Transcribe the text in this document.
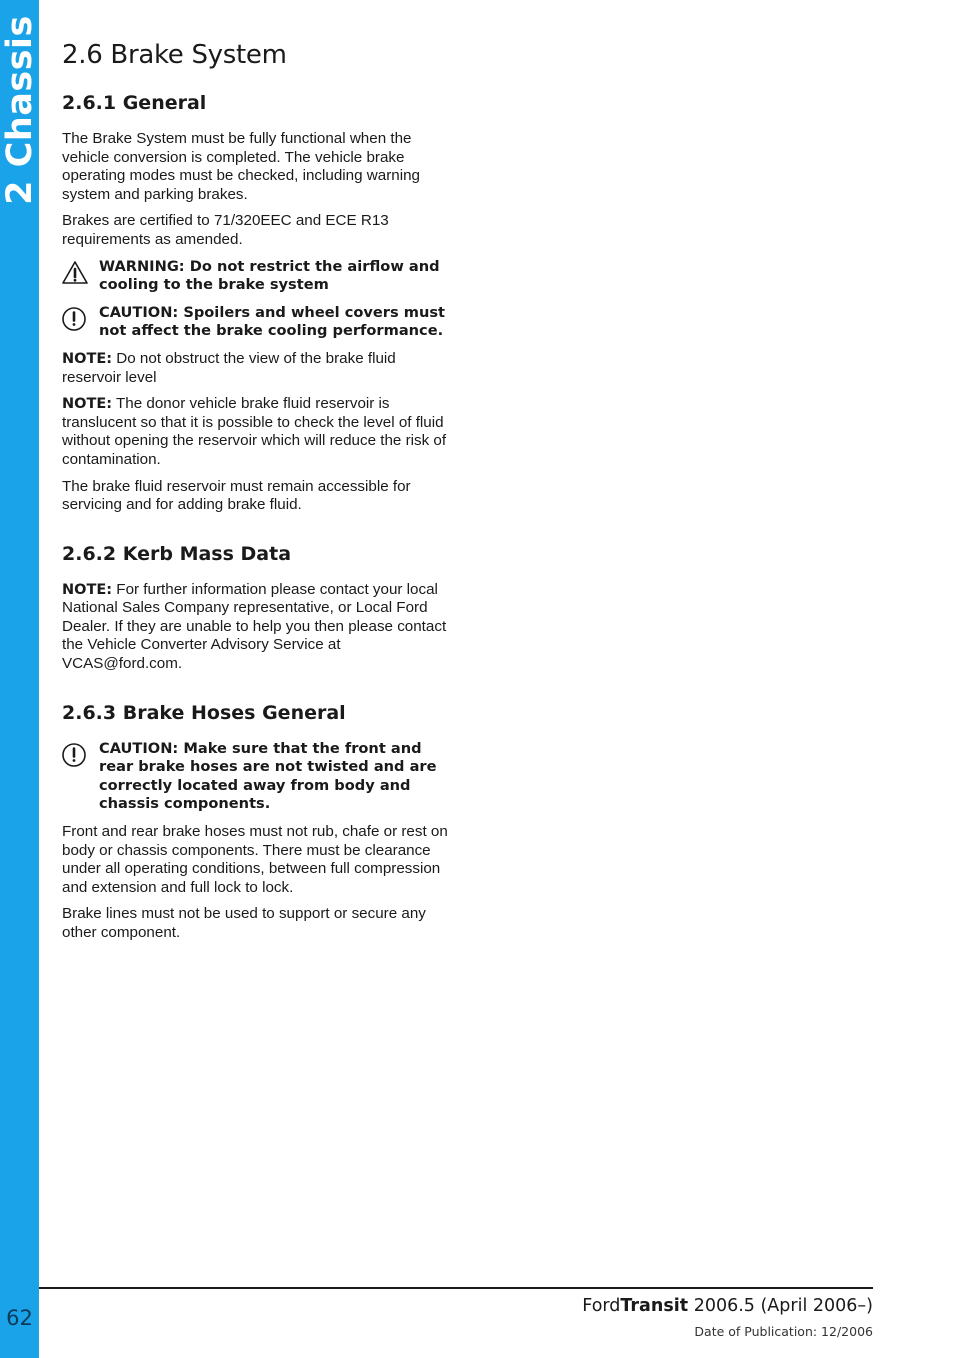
2 Chassis
62
2.6 Brake System
2.6.1 General

The Brake System must be fully functional when the vehicle conversion is completed. The vehicle brake operating modes must be checked, including warning system and parking brakes.

Brakes are certified to 71/320EEC and ECE R13 requirements as amended.

WARNING: Do not restrict the airflow and cooling to the brake system
CAUTION: Spoilers and wheel covers must not affect the brake cooling performance.

NOTE: Do not obstruct the view of the brake fluid reservoir level

NOTE: The donor vehicle brake fluid reservoir is translucent so that it is possible to check the level of fluid without opening the reservoir which will reduce the risk of contamination.

The brake fluid reservoir must remain accessible for servicing and for adding brake fluid.

2.6.2 Kerb Mass Data

NOTE: For further information please contact your local National Sales Company representative, or Local Ford Dealer. If they are unable to help you then please contact the Vehicle Converter Advisory Service at VCAS@ford.com.

2.6.3 Brake Hoses General
CAUTION: Make sure that the front and rear brake hoses are not twisted and are correctly located away from body and chassis components.

Front and rear brake hoses must not rub, chafe or rest on body or chassis components. There must be clearance under all operating conditions, between full compression and extension and full lock to lock.

Brake lines must not be used to support or secure any other component.

FordTransit 2006.5 (April 2006–)
Date of Publication: 12/2006
